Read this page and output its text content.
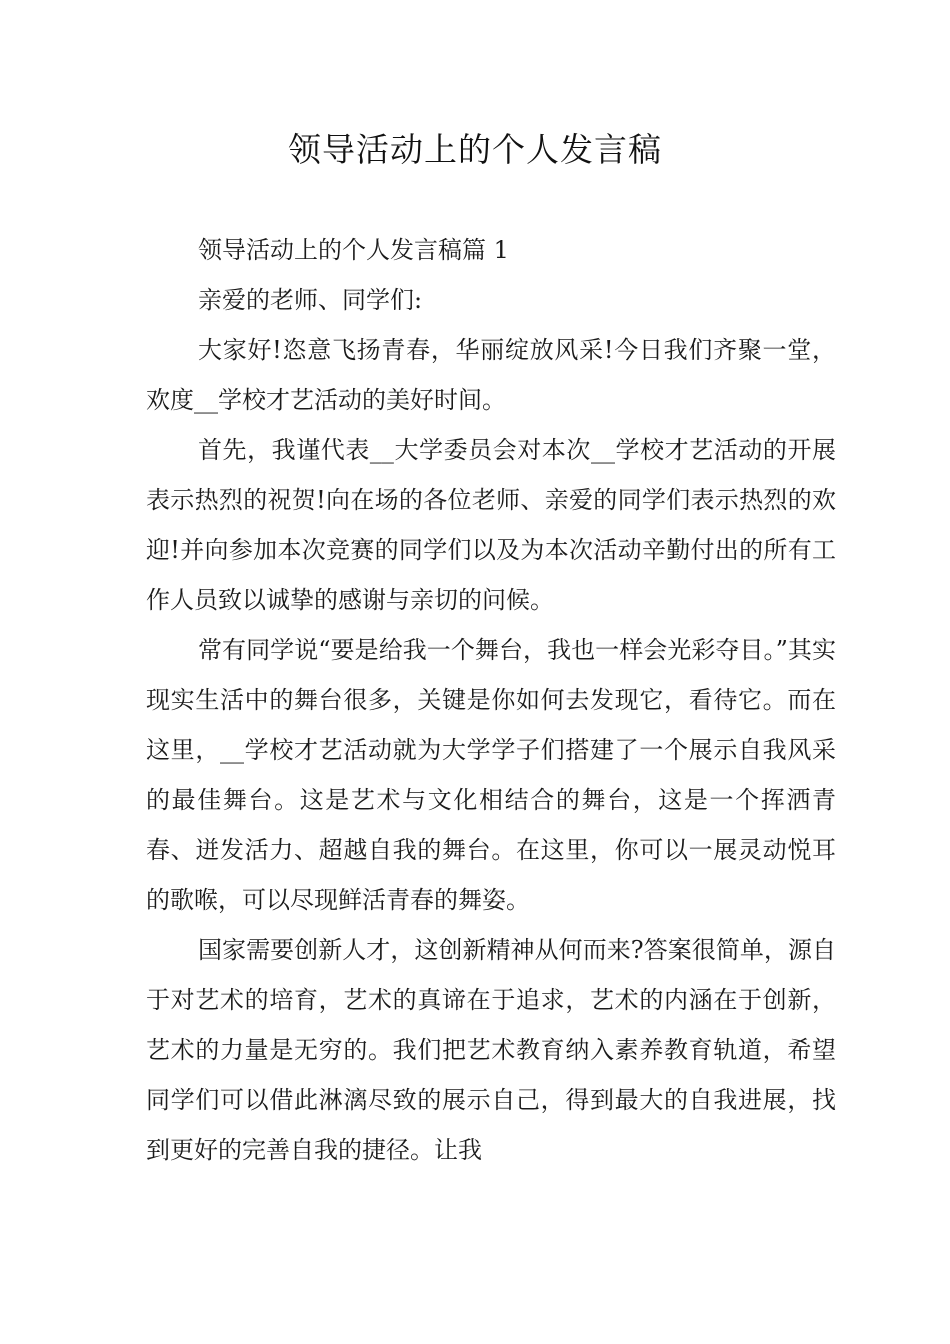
领导活动上的个人发言稿

领导活动上的个人发言稿篇 1

亲爱的老师、同学们:

大家好!恣意飞扬青春，华丽绽放风采!今日我们齐聚一堂，欢度__学校才艺活动的美好时间。

首先，我谨代表__大学委员会对本次__学校才艺活动的开展表示热烈的祝贺!向在场的各位老师、亲爱的同学们表示热烈的欢迎!并向参加本次竞赛的同学们以及为本次活动辛勤付出的所有工作人员致以诚挚的感谢与亲切的问候。

常有同学说“要是给我一个舞台，我也一样会光彩夺目。”其实现实生活中的舞台很多，关键是你如何去发现它，看待它。而在这里，__学校才艺活动就为大学学子们搭建了一个展示自我风采的最佳舞台。这是艺术与文化相结合的舞台，这是一个挥洒青春、迸发活力、超越自我的舞台。在这里，你可以一展灵动悦耳的歌喉，可以尽现鲜活青春的舞姿。

国家需要创新人才，这创新精神从何而来?答案很简单，源自于对艺术的培育，艺术的真谛在于追求，艺术的内涵在于创新，艺术的力量是无穷的。我们把艺术教育纳入素养教育轨道，希望同学们可以借此淋漓尽致的展示自己，得到最大的自我进展，找到更好的完善自我的捷径。让我
